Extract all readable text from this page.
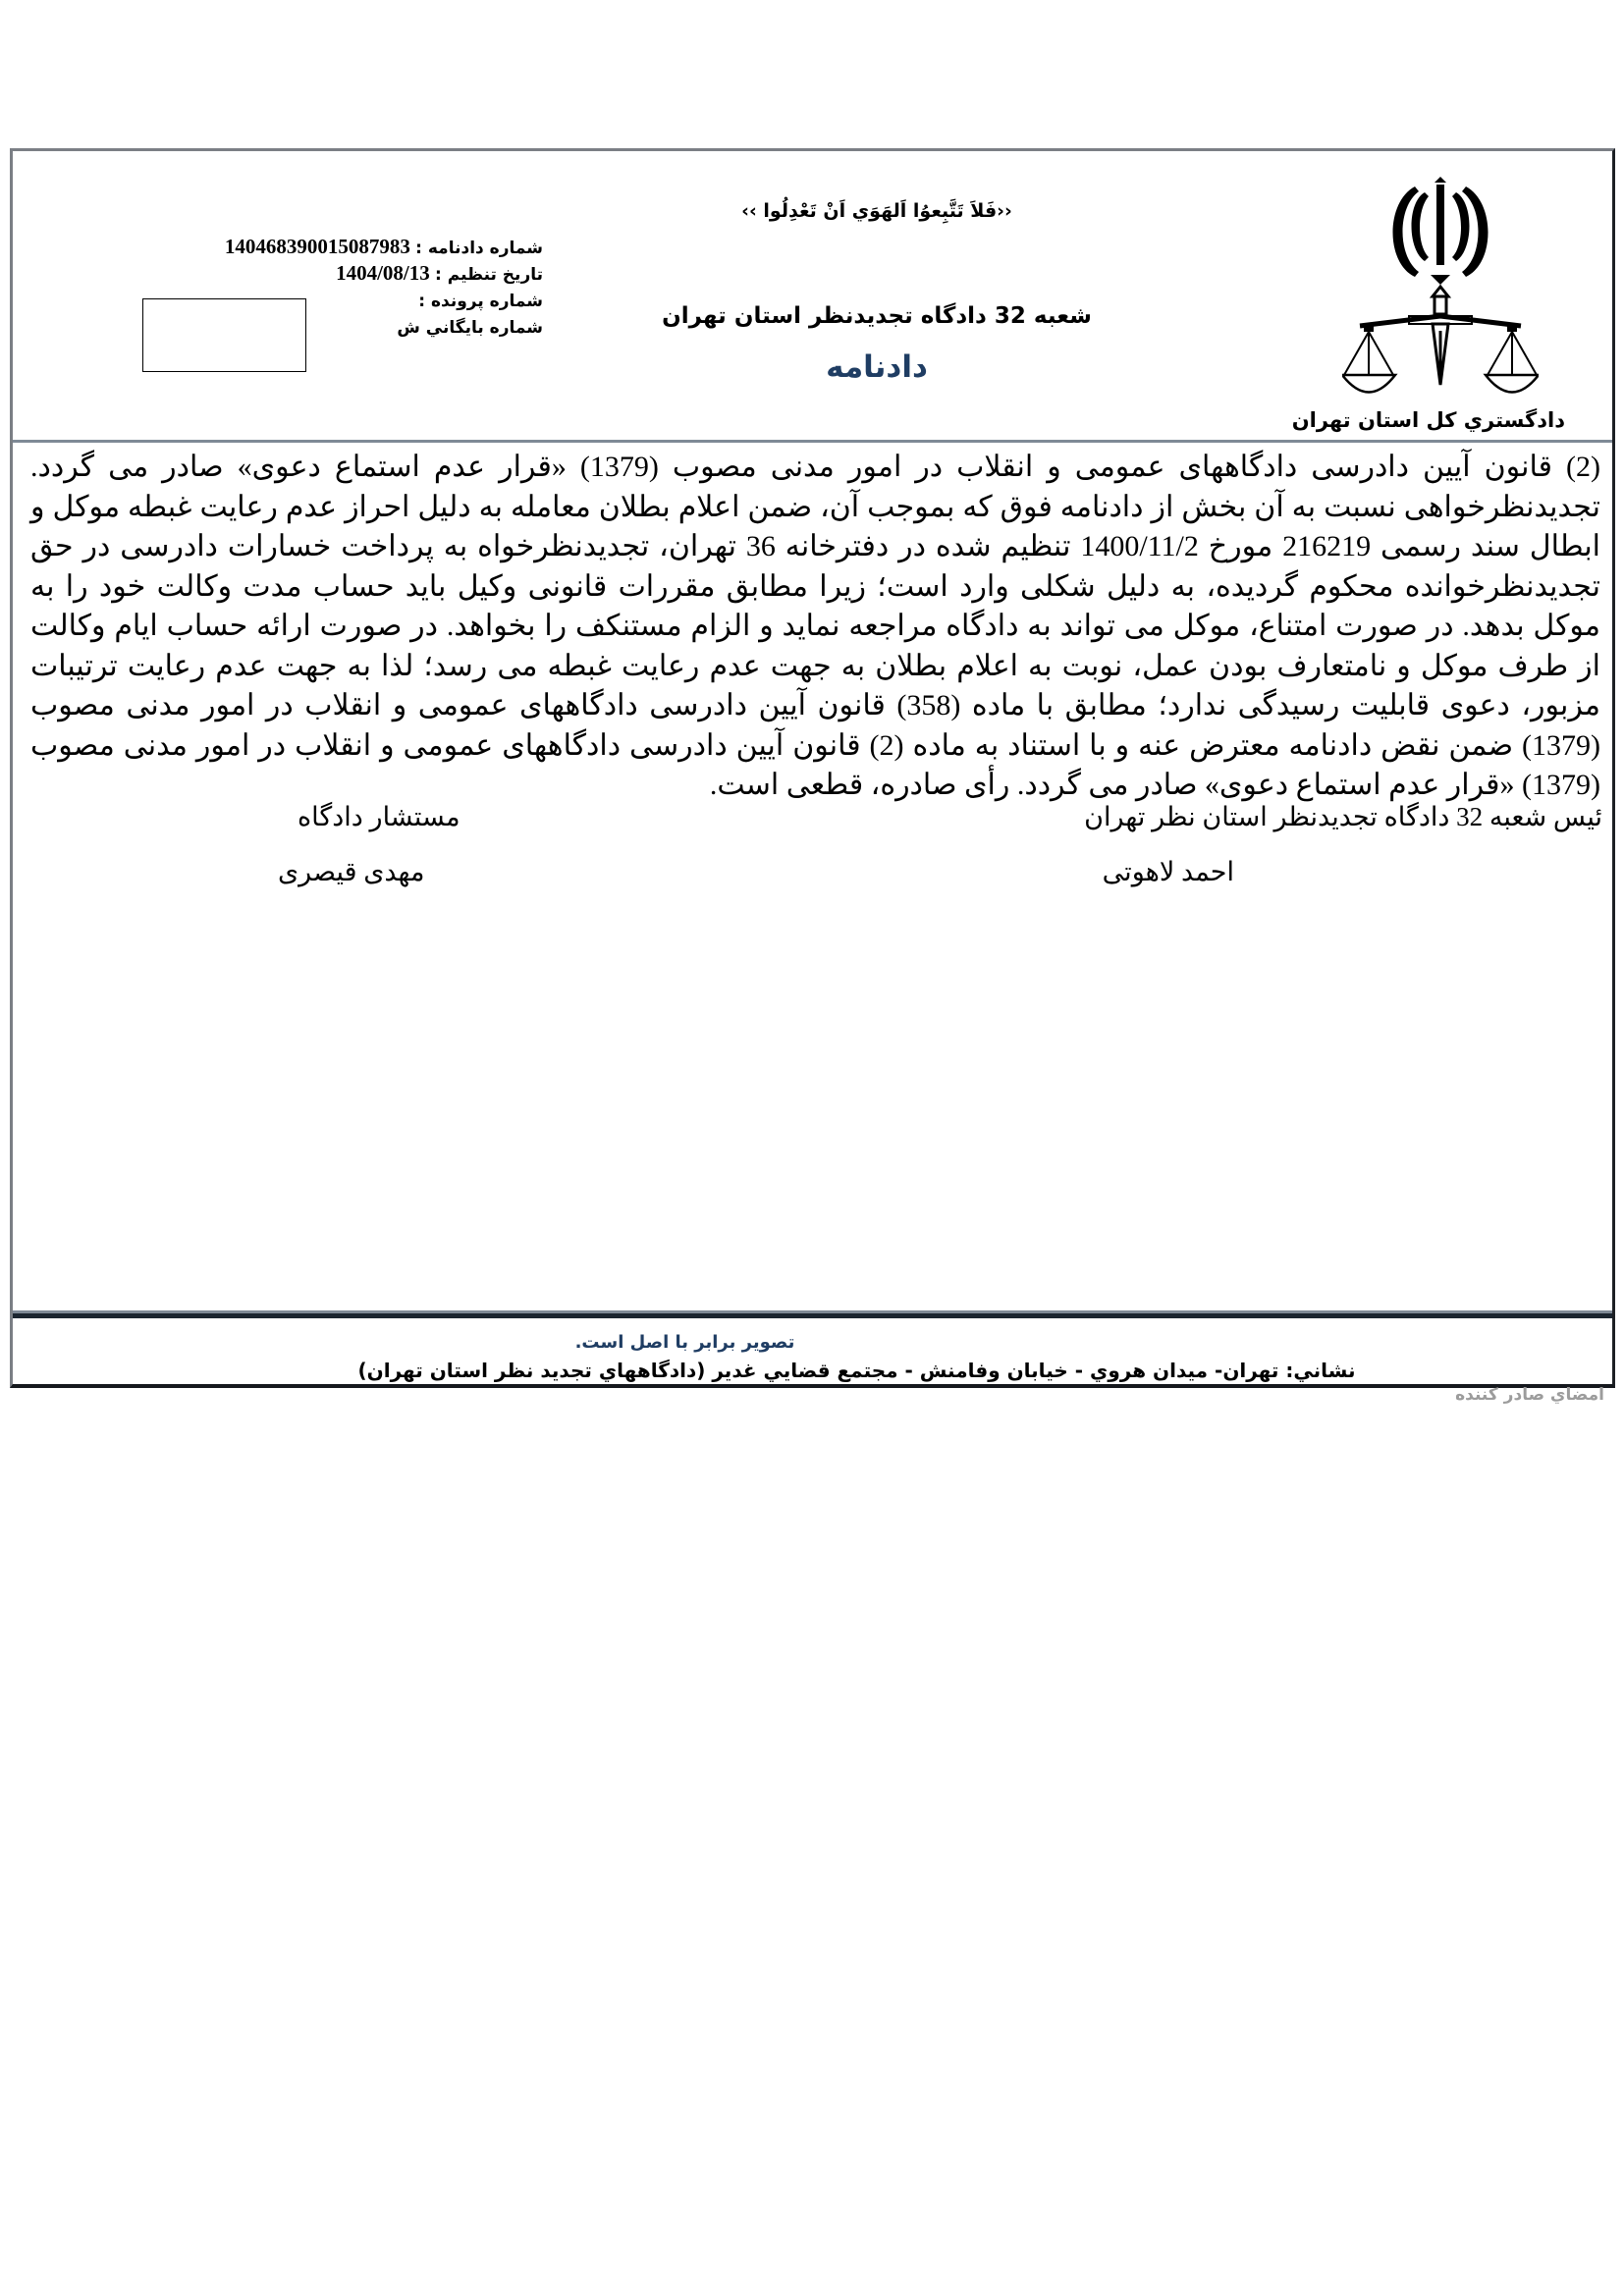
دادگستري كل استان تهران
‹‹فَلاَ تَتَّبِعوُا اَلهَوَي اَنْ تَعْدِلُوا ››
شعبه 32 دادگاه تجديدنظر استان تهران
دادنامه
شماره دادنامه : 140468390015087983
تاريخ تنظيم : 1404/08/13
شماره پرونده :
شماره بايگاني ش

(2) قانون آیین دادرسی دادگاههای عمومی و انقلاب در امور مدنی مصوب (1379) «قرار عدم استماع دعوی» صادر می گردد. تجدیدنظرخواهی نسبت به آن بخش از دادنامه فوق که بموجب آن، ضمن اعلام بطلان معامله به دلیل احراز عدم رعایت غبطه موکل و ابطال سند رسمی 216219 مورخ 1400/11/2 تنظیم شده در دفترخانه 36 تهران، تجدیدنظرخواه به پرداخت خسارات دادرسی در حق تجدیدنظرخوانده محکوم گردیده، به دلیل شکلی وارد است؛ زیرا مطابق مقررات قانونی وکیل باید حساب مدت وکالت خود را به موکل بدهد. در صورت امتناع، موکل می تواند به دادگاه مراجعه نماید و الزام مستنکف را بخواهد. در صورت ارائه حساب ایام وکالت از طرف موکل و نامتعارف بودن عمل، نوبت به اعلام بطلان به جهت عدم رعایت غبطه می رسد؛ لذا به جهت عدم رعایت ترتیبات مزبور، دعوی قابلیت رسیدگی ندارد؛ مطابق با ماده (358) قانون آیین دادرسی دادگاههای عمومی و انقلاب در امور مدنی مصوب (1379) ضمن نقض دادنامه معترض عنه و با استناد به ماده (2) قانون آیین دادرسی دادگاههای عمومی و انقلاب در امور مدنی مصوب (1379) «قرار عدم استماع دعوی» صادر می گردد. رأی صادره، قطعی است.

ئیس شعبه 32 دادگاه تجدیدنظر استان نظر تهران
مستشار دادگاه
احمد لاهوتی
مهدی قیصری
امضاي صادر كننده
تصوير برابر با اصل است.
نشاني: تهران- ميدان هروي - خيابان وفامنش - مجتمع قضايي غدير (دادگاههاي تجديد نظر استان تهران)
